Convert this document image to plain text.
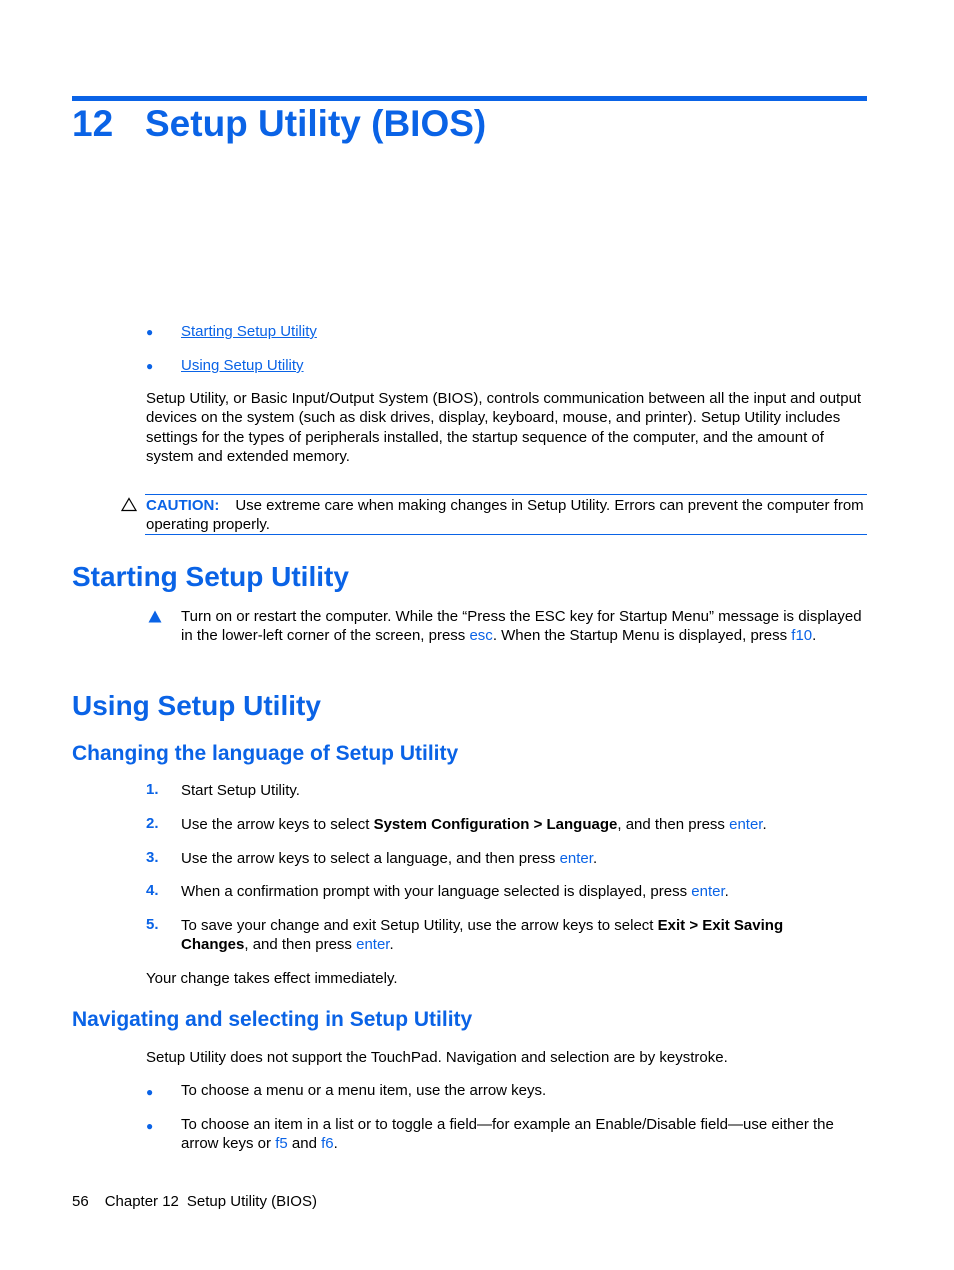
12 Setup Utility (BIOS)
● Starting Setup Utility
● Using Setup Utility
Setup Utility, or Basic Input/Output System (BIOS), controls communication between all the input and output devices on the system (such as disk drives, display, keyboard, mouse, and printer). Setup Utility includes settings for the types of peripherals installed, the startup sequence of the computer, and the amount of system and extended memory.
CAUTION: Use extreme care when making changes in Setup Utility. Errors can prevent the computer from operating properly.
Starting Setup Utility
Turn on or restart the computer. While the “Press the ESC key for Startup Menu” message is displayed in the lower-left corner of the screen, press esc. When the Startup Menu is displayed, press f10.
Using Setup Utility
Changing the language of Setup Utility
1. Start Setup Utility.
2. Use the arrow keys to select System Configuration > Language, and then press enter.
3. Use the arrow keys to select a language, and then press enter.
4. When a confirmation prompt with your language selected is displayed, press enter.
5. To save your change and exit Setup Utility, use the arrow keys to select Exit > Exit Saving Changes, and then press enter.
Your change takes effect immediately.
Navigating and selecting in Setup Utility
Setup Utility does not support the TouchPad. Navigation and selection are by keystroke.
● To choose a menu or a menu item, use the arrow keys.
● To choose an item in a list or to toggle a field—for example an Enable/Disable field—use either the arrow keys or f5 and f6.
56 Chapter 12 Setup Utility (BIOS)
